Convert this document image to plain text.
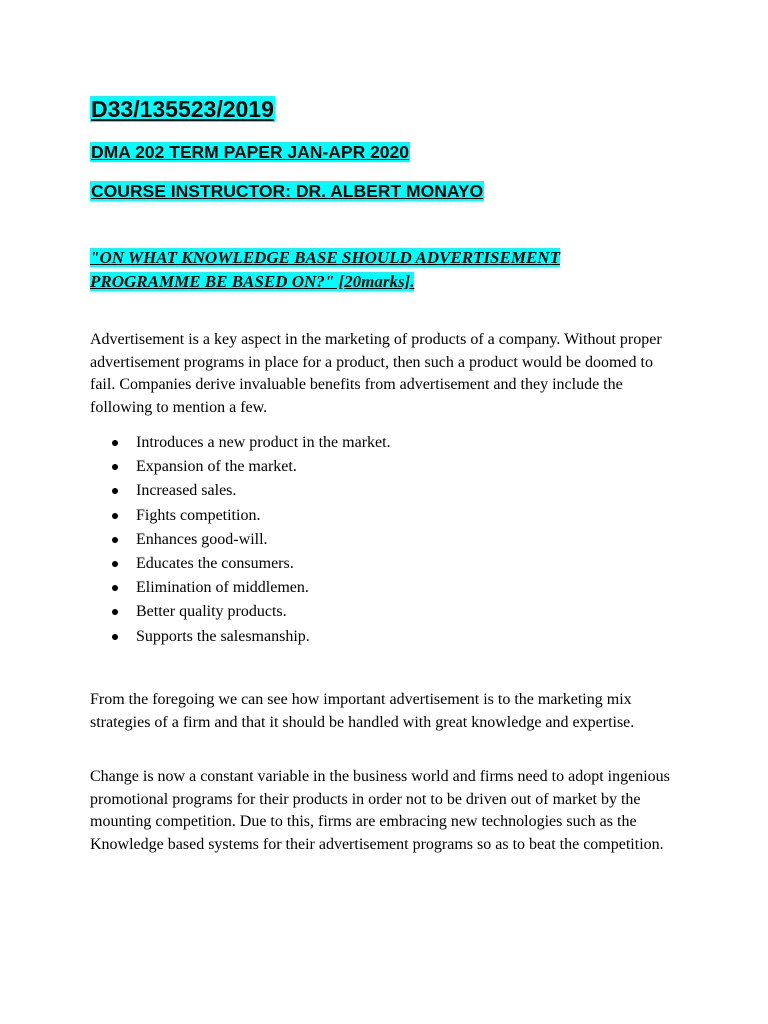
D33/135523/2019
DMA 202 TERM PAPER JAN-APR 2020
COURSE INSTRUCTOR: DR. ALBERT MONAYO

"ON WHAT KNOWLEDGE BASE SHOULD ADVERTISEMENT
PROGRAMME BE BASED ON?" [20marks].
Advertisement is a key aspect in the marketing of products of a company. Without proper advertisement programs in place for a product, then such a product would be doomed to fail. Companies derive invaluable benefits from advertisement and they include the following to mention a few.
Introduces a new product in the market.
Expansion of the market.
Increased sales.
Fights competition.
Enhances good-will.
Educates the consumers.
Elimination of middlemen.
Better quality products.
Supports the salesmanship.
From the foregoing we can see how important advertisement is to the marketing mix strategies of a firm and that it should be handled with great knowledge and expertise.
Change is now a constant variable in the business world and firms need to adopt ingenious promotional programs for their products in order not to be driven out of market by the mounting competition. Due to this, firms are embracing new technologies such as the Knowledge based systems for their advertisement programs so as to beat the competition.
